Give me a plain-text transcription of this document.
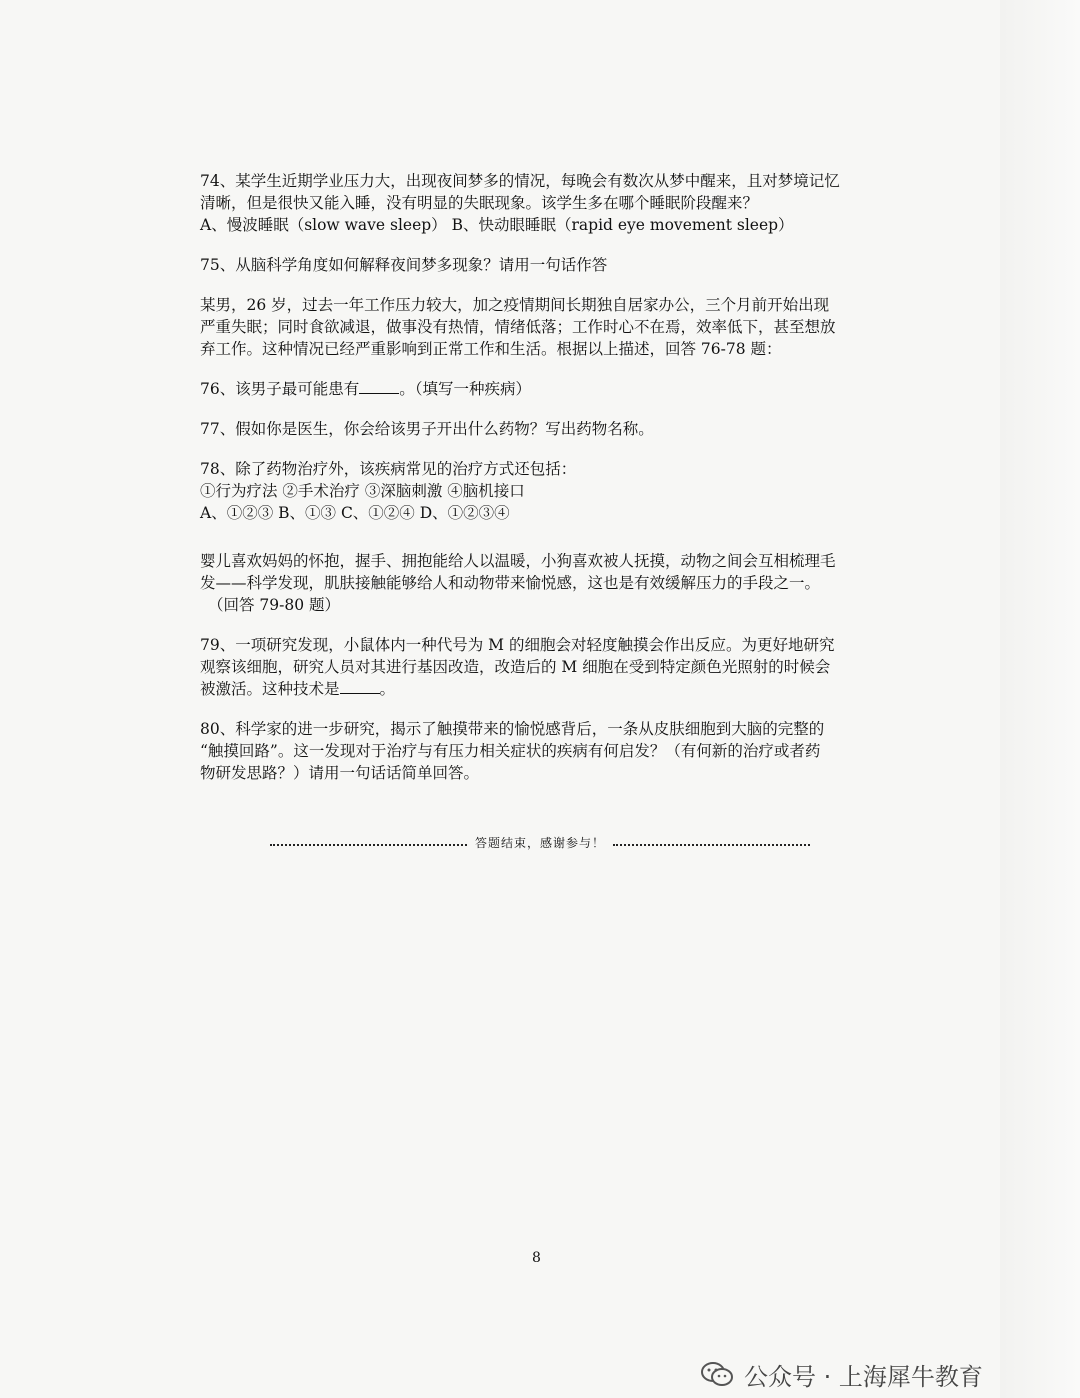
74、某学生近期学业压力大，出现夜间梦多的情况，每晚会有数次从梦中醒来，且对梦境记忆
清晰，但是很快又能入睡，没有明显的失眠现象。该学生多在哪个睡眠阶段醒来？
A、慢波睡眠（slow wave sleep） B、快动眼睡眠（rapid eye movement sleep）
75、从脑科学角度如何解释夜间梦多现象？请用一句话作答
某男，26 岁，过去一年工作压力较大，加之疫情期间长期独自居家办公，三个月前开始出现
严重失眠；同时食欲减退，做事没有热情，情绪低落；工作时心不在焉，效率低下，甚至想放
弃工作。这种情况已经严重影响到正常工作和生活。根据以上描述，回答 76-78 题：
76、该男子最可能患有	。（填写一种疾病）
77、假如你是医生，你会给该男子开出什么药物？写出药物名称。
78、除了药物治疗外，该疾病常见的治疗方式还包括：
①行为疗法 ②手术治疗 ③深脑刺激 ④脑机接口
A、①②③ B、①③ C、①②④ D、①②③④
婴儿喜欢妈妈的怀抱，握手、拥抱能给人以温暖，小狗喜欢被人抚摸，动物之间会互相梳理毛
发——科学发现，肌肤接触能够给人和动物带来愉悦感，这也是有效缓解压力的手段之一。
（回答 79-80 题）
79、一项研究发现，小鼠体内一种代号为 M 的细胞会对轻度触摸会作出反应。为更好地研究
观察该细胞，研究人员对其进行基因改造，改造后的 M 细胞在受到特定颜色光照射的时候会
被激活。这种技术是	。
80、科学家的进一步研究，揭示了触摸带来的愉悦感背后，一条从皮肤细胞到大脑的完整的
“触摸回路”。这一发现对于治疗与有压力相关症状的疾病有何启发？（有何新的治疗或者药
物研发思路？）请用一句话话简单回答。
答题结束，感谢参与！
8
公众号 · 上海犀牛教育
